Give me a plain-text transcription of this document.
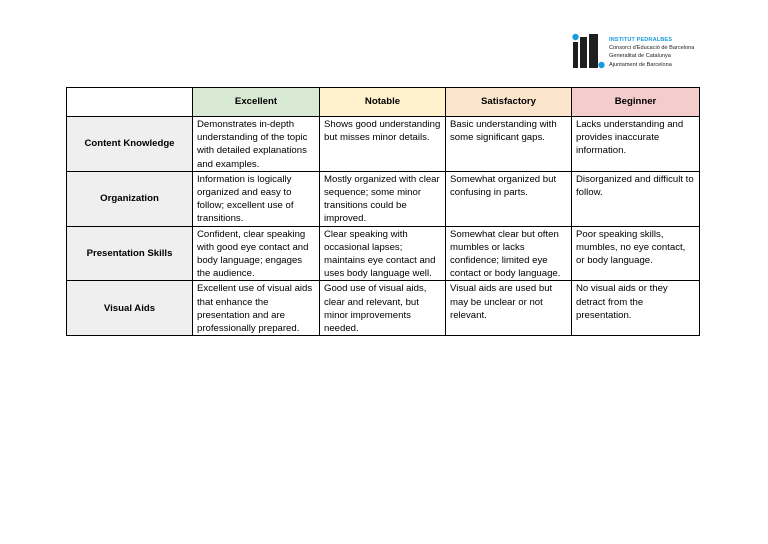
INSTITUT PEDRALBES
Consorci d'Educació de Barcelona
Generalitat de Catalunya
Ajuntament de Barcelona
	Excellent	Notable	Satisfactory	Beginner
Content Knowledge	Demonstrates in-depth understanding of the topic with detailed explanations and examples.	Shows good understanding but misses minor details.	Basic understanding with some significant gaps.	Lacks understanding and provides inaccurate information.
Organization	Information is logically organized and easy to follow; excellent use of transitions.	Mostly organized with clear sequence; some minor transitions could be improved.	Somewhat organized but confusing in parts.	Disorganized and difficult to follow.
Presentation Skills	Confident, clear speaking with good eye contact and body language; engages the audience.	Clear speaking with occasional lapses; maintains eye contact and uses body language well.	Somewhat clear but often mumbles or lacks confidence; limited eye contact or body language.	Poor speaking skills, mumbles, no eye contact, or body language.
Visual Aids	Excellent use of visual aids that enhance the presentation and are professionally prepared.	Good use of visual aids, clear and relevant, but minor improvements needed.	Visual aids are used but may be unclear or not relevant.	No visual aids or they detract from the presentation.
